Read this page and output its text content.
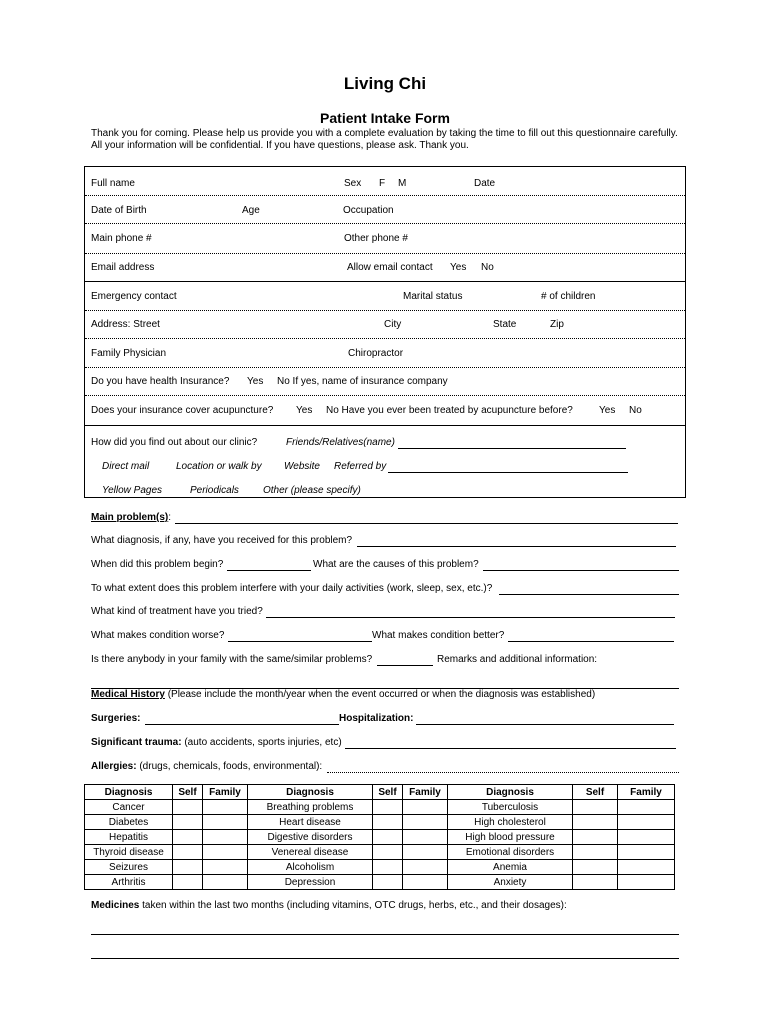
Living Chi
Patient Intake Form
Thank you for coming. Please help us provide you with a complete evaluation by taking the time to fill out this questionnaire carefully. All your information will be confidential. If you have questions, please ask. Thank you.
Full name	Sex F M	Date
Date of Birth	Age	Occupation
Main phone #	Other phone #
Email address	Allow email contact Yes No
Emergency contact	Marital status	# of children
Address: Street	City	State	Zip
Family Physician	Chiropractor
Do you have health Insurance? Yes No If yes, name of insurance company
Does your insurance cover acupuncture? Yes No Have you ever been treated by acupuncture before?	Yes No
How did you find out about our clinic?	Friends/Relatives(name)
Direct mail	Location or walk by Website Referred by
Yellow Pages	Periodicals Other (please specify)
Main problem(s):
What diagnosis, if any, have you received for this problem?
When did this problem begin?	What are the causes of this problem?
To what extent does this problem interfere with your daily activities (work, sleep, sex, etc.)?
What kind of treatment have you tried?
What makes condition worse?	What makes condition better?
Is there anybody in your family with the same/similar problems?	Remarks and additional information:
Medical History (Please include the month/year when the event occurred or when the diagnosis was established)
Surgeries:	Hospitalization:
Significant trauma: (auto accidents, sports injuries, etc)
Allergies: (drugs, chemicals, foods, environmental):
Diagnosis	Self	Family	Diagnosis	Self	Family	Diagnosis	Self	Family
Cancer			Breathing problems			Tuberculosis		
Diabetes			Heart disease			High cholesterol		
Hepatitis			Digestive disorders			High blood pressure		
Thyroid disease			Venereal disease			Emotional disorders		
Seizures			Alcoholism			Anemia		
Arthritis			Depression			Anxiety		
Medicines taken within the last two months (including vitamins, OTC drugs, herbs, etc., and their dosages):
